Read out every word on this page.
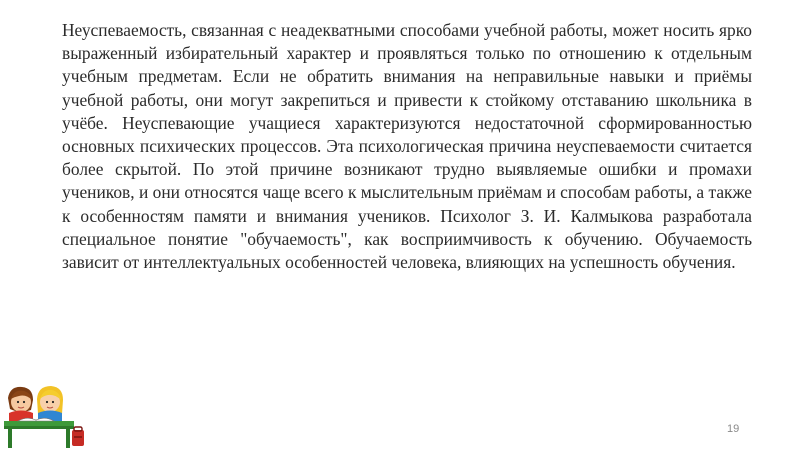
Неуспеваемость, связанная с неадекватными способами учебной работы, может носить ярко выраженный избирательный характер и проявляться только по отношению к отдельным учебным предметам. Если не обратить внимания на неправильные навыки и приёмы учебной работы, они могут закрепиться и привести к стойкому отставанию школьника в учёбе. Неуспевающие учащиеся характеризуются недостаточной сформированностью основных психических процессов. Эта психологическая причина неуспеваемости считается более скрытой. По этой причине возникают трудно выявляемые ошибки и промахи учеников, и они относятся чаще всего к мыслительным приёмам и способам работы, а также к особенностям памяти и внимания учеников. Психолог З. И. Калмыкова разработала специальное понятие "обучаемость", как восприимчивость к обучению. Обучаемость зависит от интеллектуальных особенностей человека, влияющих на успешность обучения.

19
